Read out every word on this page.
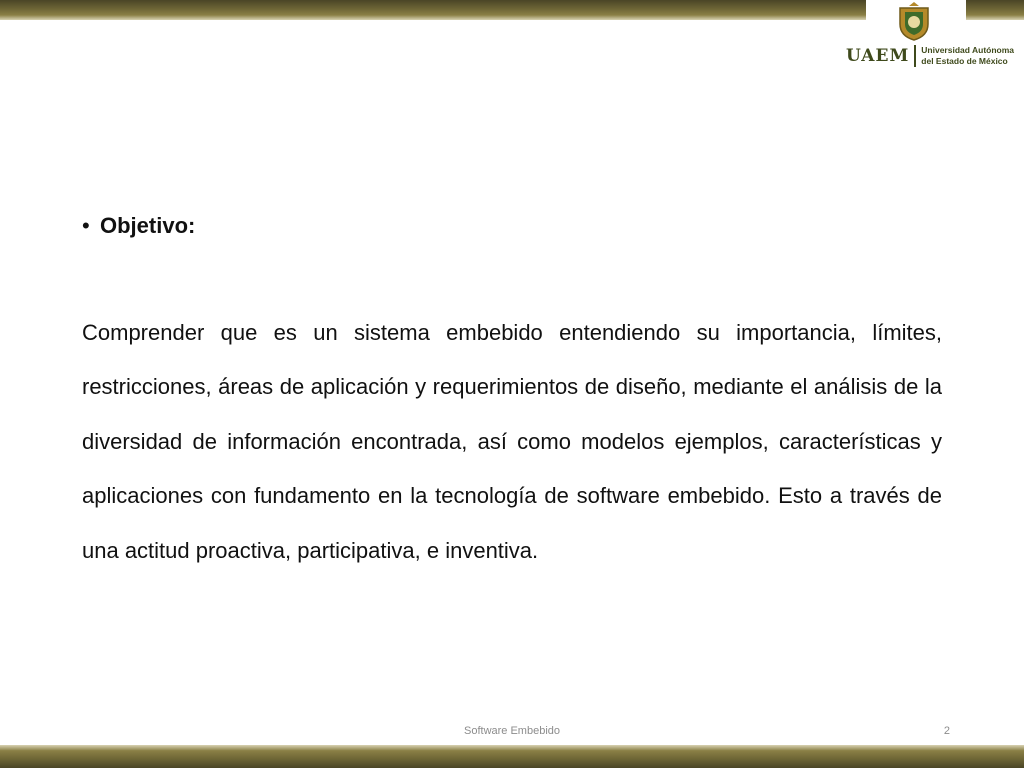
UAEM Universidad Autónoma
del Estado de México
• Objetivo:

Comprender que es un sistema embebido entendiendo su importancia, límites, restricciones, áreas de aplicación y requerimientos de diseño, mediante el análisis de la diversidad de información encontrada, así como modelos ejemplos, características y aplicaciones con fundamento en la tecnología de software embebido. Esto a través de una actitud proactiva, participativa, e inventiva.

Software Embebido	2
